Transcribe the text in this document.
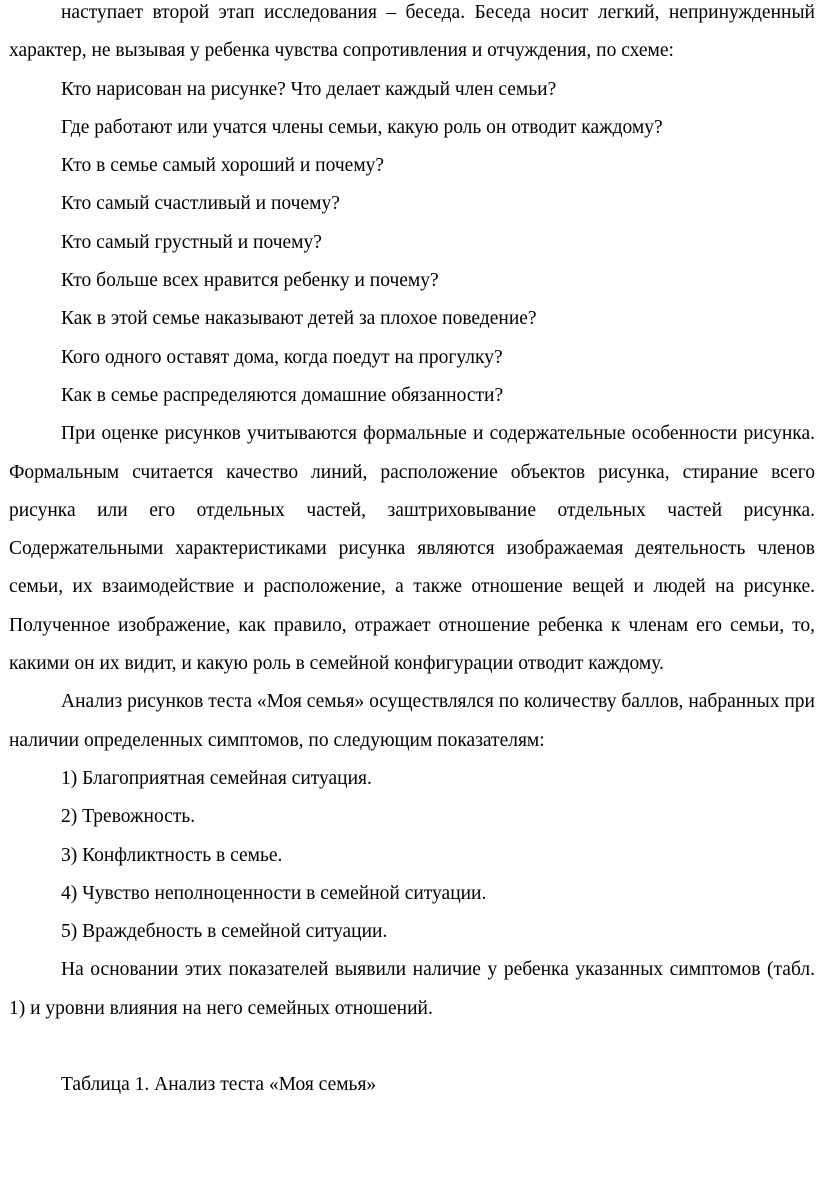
наступает второй этап исследования – беседа. Беседа носит легкий, непринужденный характер, не вызывая у ребенка чувства сопротивления и отчуждения, по схеме:

Кто нарисован на рисунке? Что делает каждый член семьи?

Где работают или учатся члены семьи, какую роль он отводит каждому?

Кто в семье самый хороший и почему?

Кто самый счастливый и почему?

Кто самый грустный и почему?

Кто больше всех нравится ребенку и почему?

Как в этой семье наказывают детей за плохое поведение?

Кого одного оставят дома, когда поедут на прогулку?

Как в семье распределяются домашние обязанности?

При оценке рисунков учитываются формальные и содержательные особенности рисунка. Формальным считается качество линий, расположение объектов рисунка, стирание всего рисунка или его отдельных частей, заштриховывание отдельных частей рисунка. Содержательными характеристиками рисунка являются изображаемая деятельность членов семьи, их взаимодействие и расположение, а также отношение вещей и людей на рисунке. Полученное изображение, как правило, отражает отношение ребенка к членам его семьи, то, какими он их видит, и какую роль в семейной конфигурации отводит каждому.

Анализ рисунков теста «Моя семья» осуществлялся по количеству баллов, набранных при наличии определенных симптомов, по следующим показателям:

1) Благоприятная семейная ситуация.

2) Тревожность.

3) Конфликтность в семье.

4) Чувство неполноценности в семейной ситуации.

5) Враждебность в семейной ситуации.

На основании этих показателей выявили наличие у ребенка указанных симптомов (табл. 1) и уровни влияния на него семейных отношений.

Таблица 1. Анализ теста «Моя семья»
